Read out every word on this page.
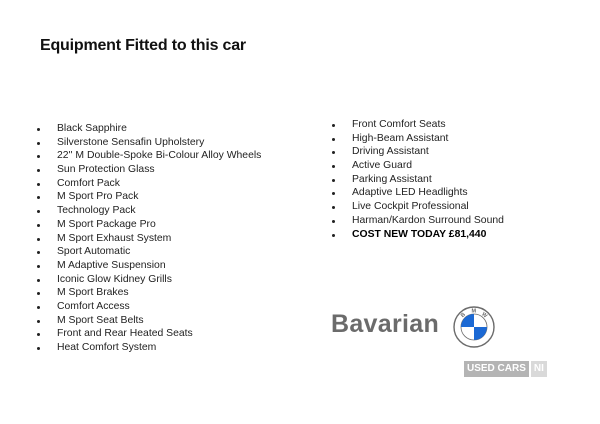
Equipment Fitted to this car
Black Sapphire
Silverstone Sensafin Upholstery
22'' M Double-Spoke Bi-Colour Alloy Wheels
Sun Protection Glass
Comfort Pack
M Sport Pro Pack
Technology Pack
M Sport Package Pro
M Sport Exhaust System
Sport Automatic
M Adaptive Suspension
Iconic Glow Kidney Grills
M Sport Brakes
Comfort Access
M Sport Seat Belts
Front and Rear Heated Seats
Heat Comfort System
Front Comfort Seats
High-Beam Assistant
Driving Assistant
Active Guard
Parking Assistant
Adaptive LED Headlights
Live Cockpit Professional
Harman/Kardon Surround Sound
COST NEW TODAY £81,440
Bavarian	B
M W
USED CARS NI
